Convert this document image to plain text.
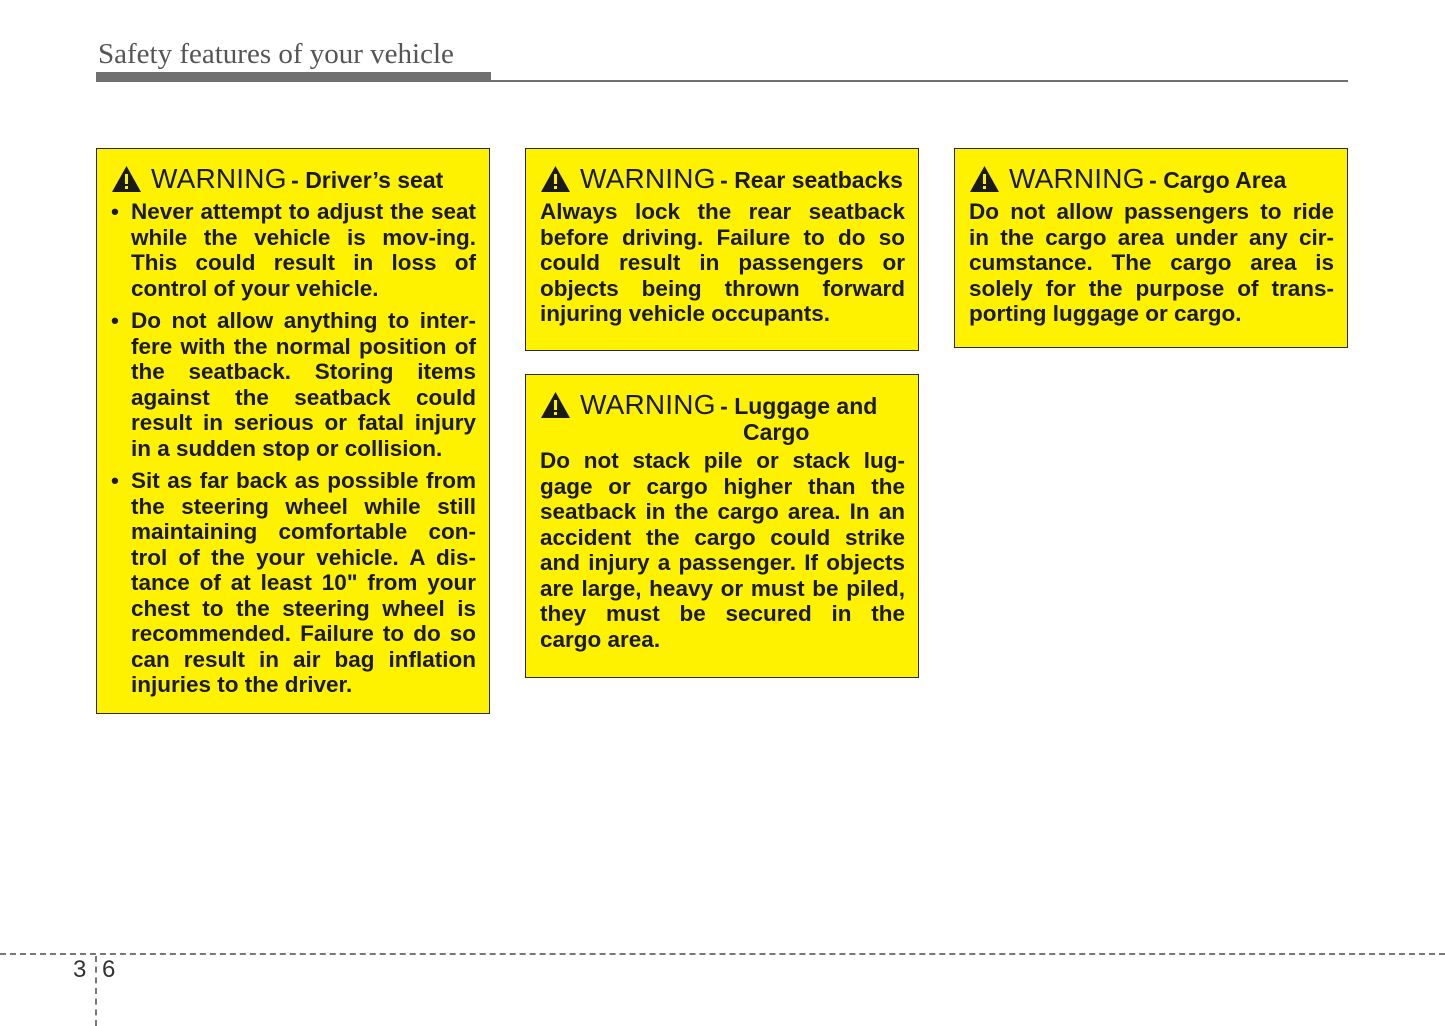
Safety features of your vehicle
WARNING - Driver’s seat
• Never attempt to adjust the seat while the vehicle is mov-ing. This could result in loss of control of your vehicle.
• Do not allow anything to inter-fere with the normal position of the seatback. Storing items against the seatback could result in serious or fatal injury in a sudden stop or collision.
• Sit as far back as possible from the steering wheel while still maintaining comfortable con-trol of the your vehicle. A dis-tance of at least 10" from your chest to the steering wheel is recommended. Failure to do so can result in air bag inflation injuries to the driver.
WARNING - Rear seatbacks
Always lock the rear seatback before driving. Failure to do so could result in passengers or objects being thrown forward injuring vehicle occupants.
WARNING - Luggage and
Cargo
Do not stack pile or stack lug-gage or cargo higher than the seatback in the cargo area. In an accident the cargo could strike and injury a passenger. If objects are large, heavy or must be piled, they must be secured in the cargo area.
WARNING - Cargo Area
Do not allow passengers to ride in the cargo area under any cir-cumstance. The cargo area is solely for the purpose of trans-porting luggage or cargo.
3 6
